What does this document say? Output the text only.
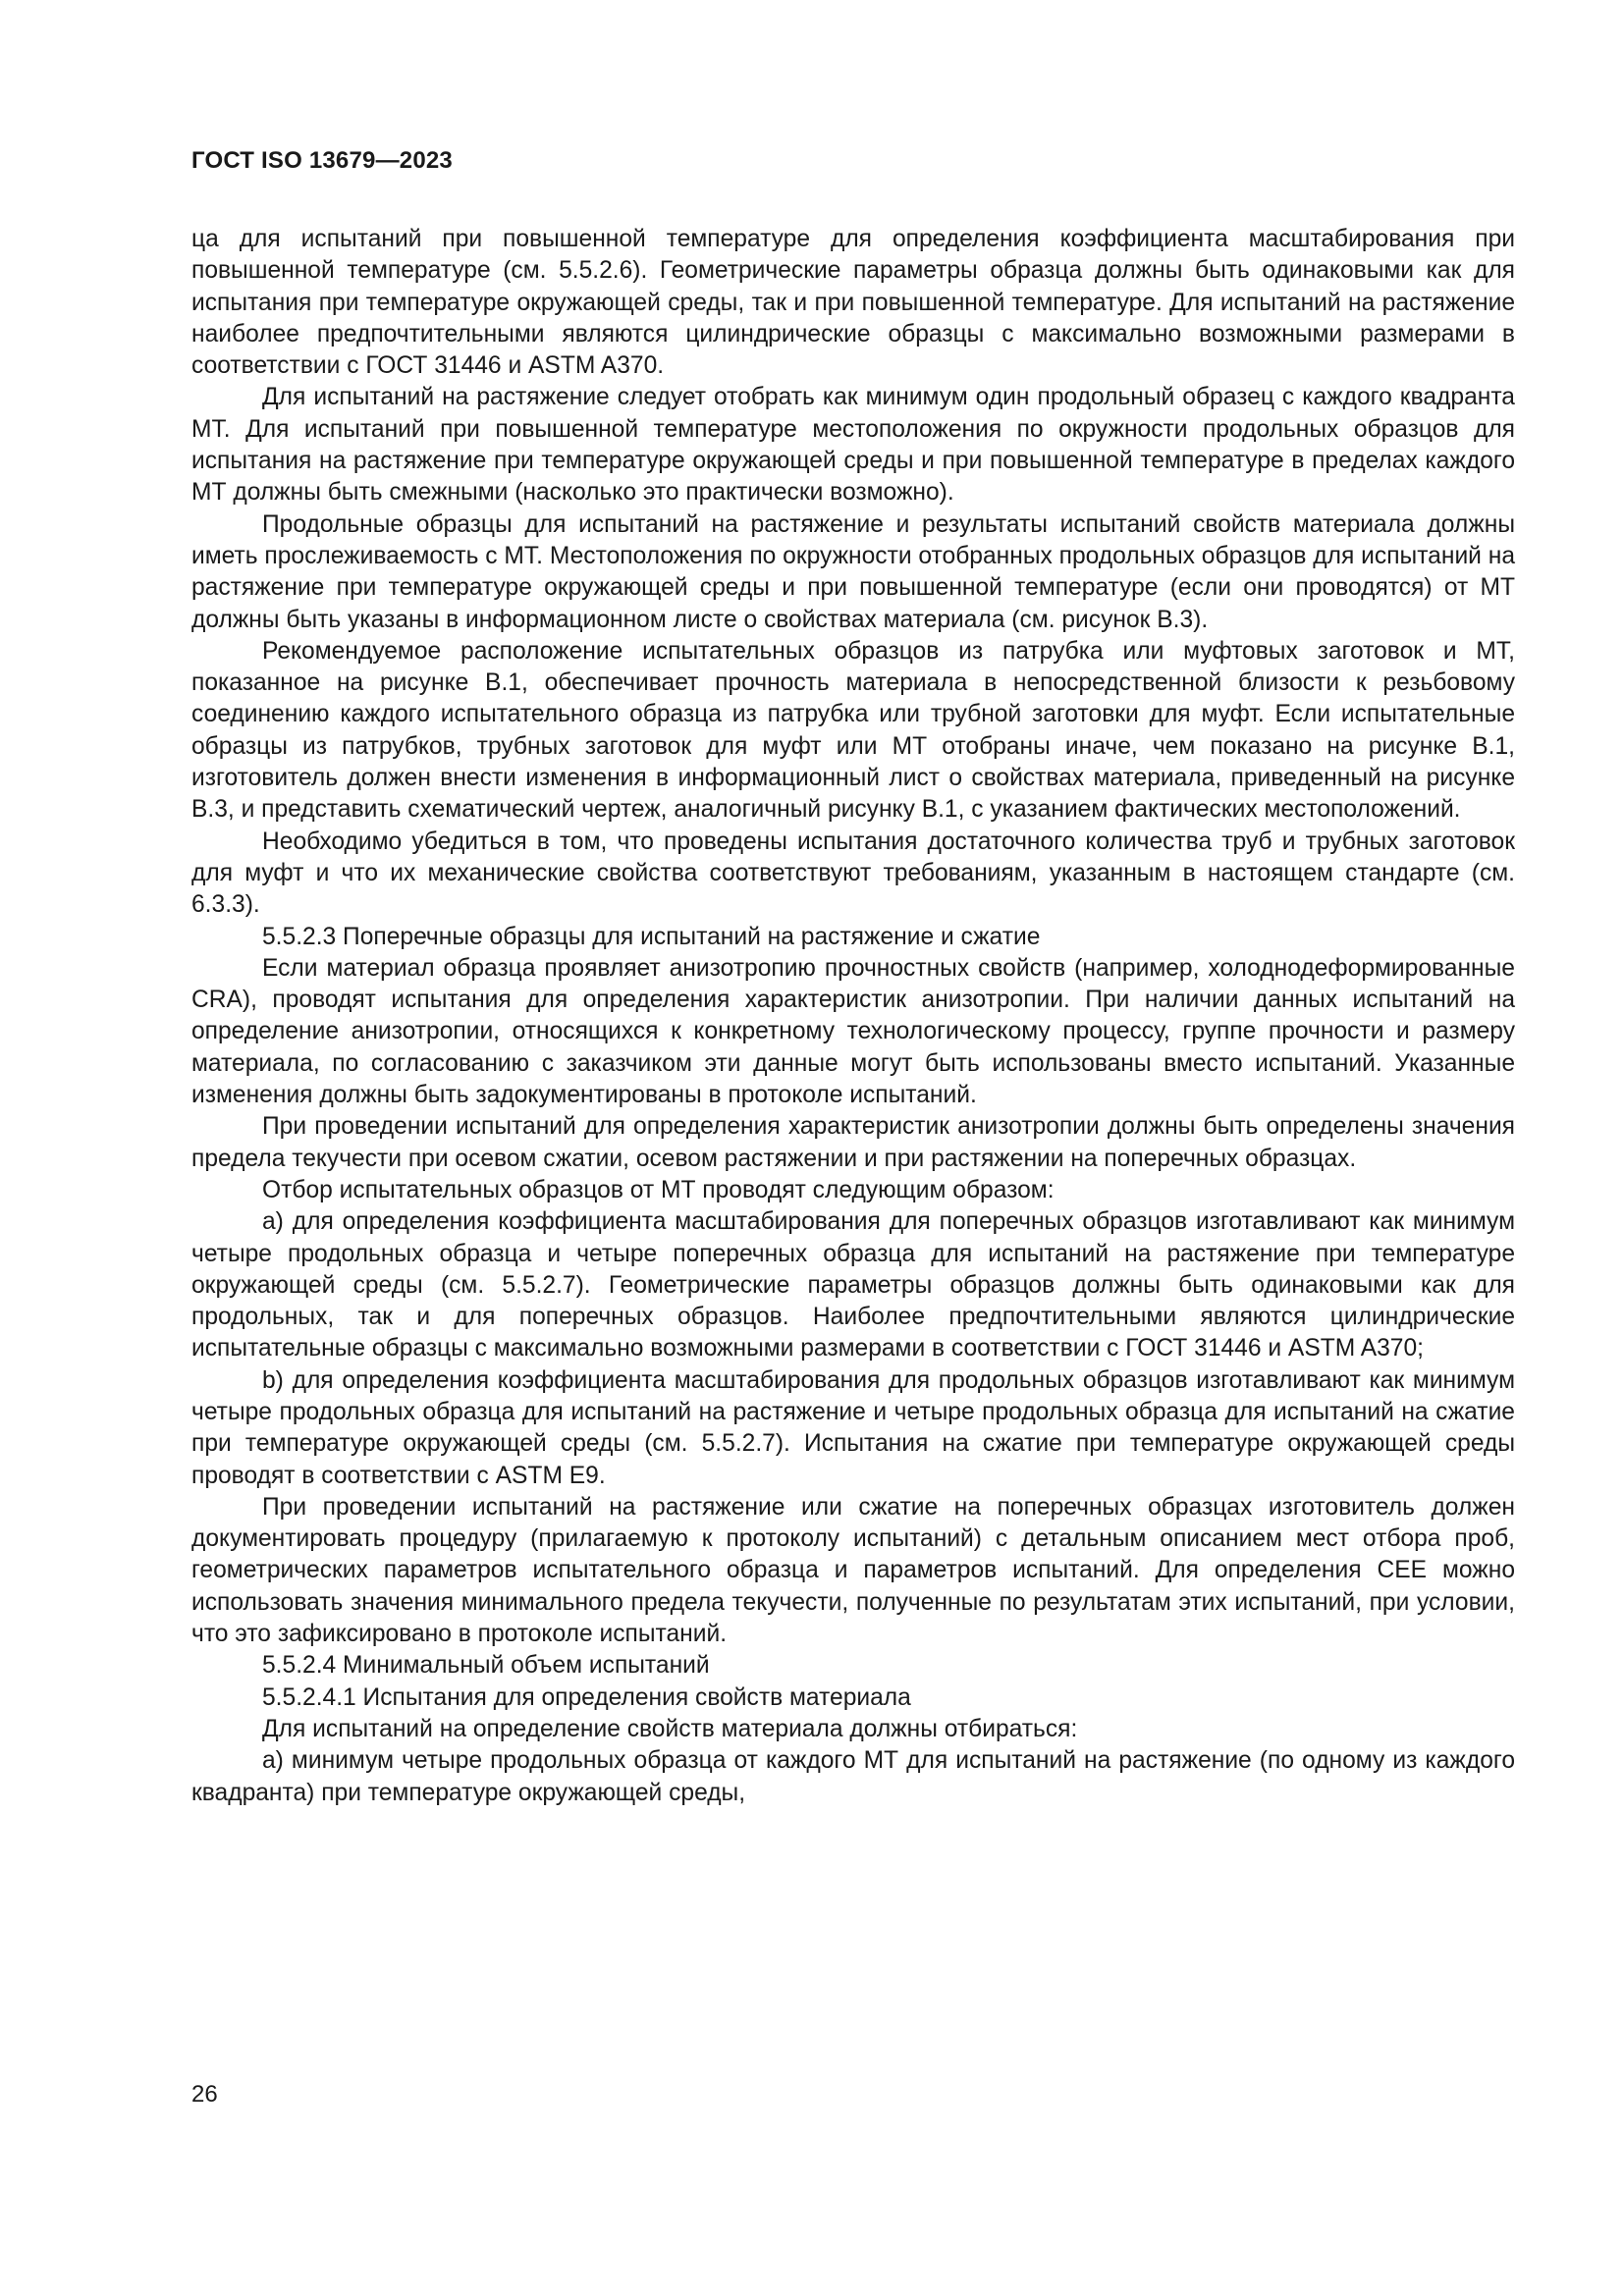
ГОСТ ISO 13679—2023

ца для испытаний при повышенной температуре для определения коэффициента масштабирования при повышенной температуре (см. 5.5.2.6). Геометрические параметры образца должны быть одинаковыми как для испытания при температуре окружающей среды, так и при повышенной температуре. Для испытаний на растяжение наиболее предпочтительными являются цилиндрические образцы с максимально возможными размерами в соответствии с ГОСТ 31446 и ASTM A370.

Для испытаний на растяжение следует отобрать как минимум один продольный образец с каждого квадранта МТ. Для испытаний при повышенной температуре местоположения по окружности продольных образцов для испытания на растяжение при температуре окружающей среды и при повышенной температуре в пределах каждого МТ должны быть смежными (насколько это практически возможно).

Продольные образцы для испытаний на растяжение и результаты испытаний свойств материала должны иметь прослеживаемость с МТ. Местоположения по окружности отобранных продольных образцов для испытаний на растяжение при температуре окружающей среды и при повышенной температуре (если они проводятся) от МТ должны быть указаны в информационном листе о свойствах материала (см. рисунок В.3).

Рекомендуемое расположение испытательных образцов из патрубка или муфтовых заготовок и МТ, показанное на рисунке В.1, обеспечивает прочность материала в непосредственной близости к резьбовому соединению каждого испытательного образца из патрубка или трубной заготовки для муфт. Если испытательные образцы из патрубков, трубных заготовок для муфт или МТ отобраны иначе, чем показано на рисунке В.1, изготовитель должен внести изменения в информационный лист о свойствах материала, приведенный на рисунке В.3, и представить схематический чертеж, аналогичный рисунку В.1, с указанием фактических местоположений.

Необходимо убедиться в том, что проведены испытания достаточного количества труб и трубных заготовок для муфт и что их механические свойства соответствуют требованиям, указанным в настоящем стандарте (см. 6.3.3).

5.5.2.3 Поперечные образцы для испытаний на растяжение и сжатие

Если материал образца проявляет анизотропию прочностных свойств (например, холоднодеформированные CRA), проводят испытания для определения характеристик анизотропии. При наличии данных испытаний на определение анизотропии, относящихся к конкретному технологическому процессу, группе прочности и размеру материала, по согласованию с заказчиком эти данные могут быть использованы вместо испытаний. Указанные изменения должны быть задокументированы в протоколе испытаний.

При проведении испытаний для определения характеристик анизотропии должны быть определены значения предела текучести при осевом сжатии, осевом растяжении и при растяжении на поперечных образцах.

Отбор испытательных образцов от МТ проводят следующим образом:

а) для определения коэффициента масштабирования для поперечных образцов изготавливают как минимум четыре продольных образца и четыре поперечных образца для испытаний на растяжение при температуре окружающей среды (см. 5.5.2.7). Геометрические параметры образцов должны быть одинаковыми как для продольных, так и для поперечных образцов. Наиболее предпочтительными являются цилиндрические испытательные образцы с максимально возможными размерами в соответствии с ГОСТ 31446 и ASTM A370;

b) для определения коэффициента масштабирования для продольных образцов изготавливают как минимум четыре продольных образца для испытаний на растяжение и четыре продольных образца для испытаний на сжатие при температуре окружающей среды (см. 5.5.2.7). Испытания на сжатие при температуре окружающей среды проводят в соответствии с ASTM E9.

При проведении испытаний на растяжение или сжатие на поперечных образцах изготовитель должен документировать процедуру (прилагаемую к протоколу испытаний) с детальным описанием мест отбора проб, геометрических параметров испытательного образца и параметров испытаний. Для определения CEE можно использовать значения минимального предела текучести, полученные по результатам этих испытаний, при условии, что это зафиксировано в протоколе испытаний.

5.5.2.4 Минимальный объем испытаний

5.5.2.4.1 Испытания для определения свойств материала

Для испытаний на определение свойств материала должны отбираться:

а) минимум четыре продольных образца от каждого МТ для испытаний на растяжение (по одному из каждого квадранта) при температуре окружающей среды,

26
